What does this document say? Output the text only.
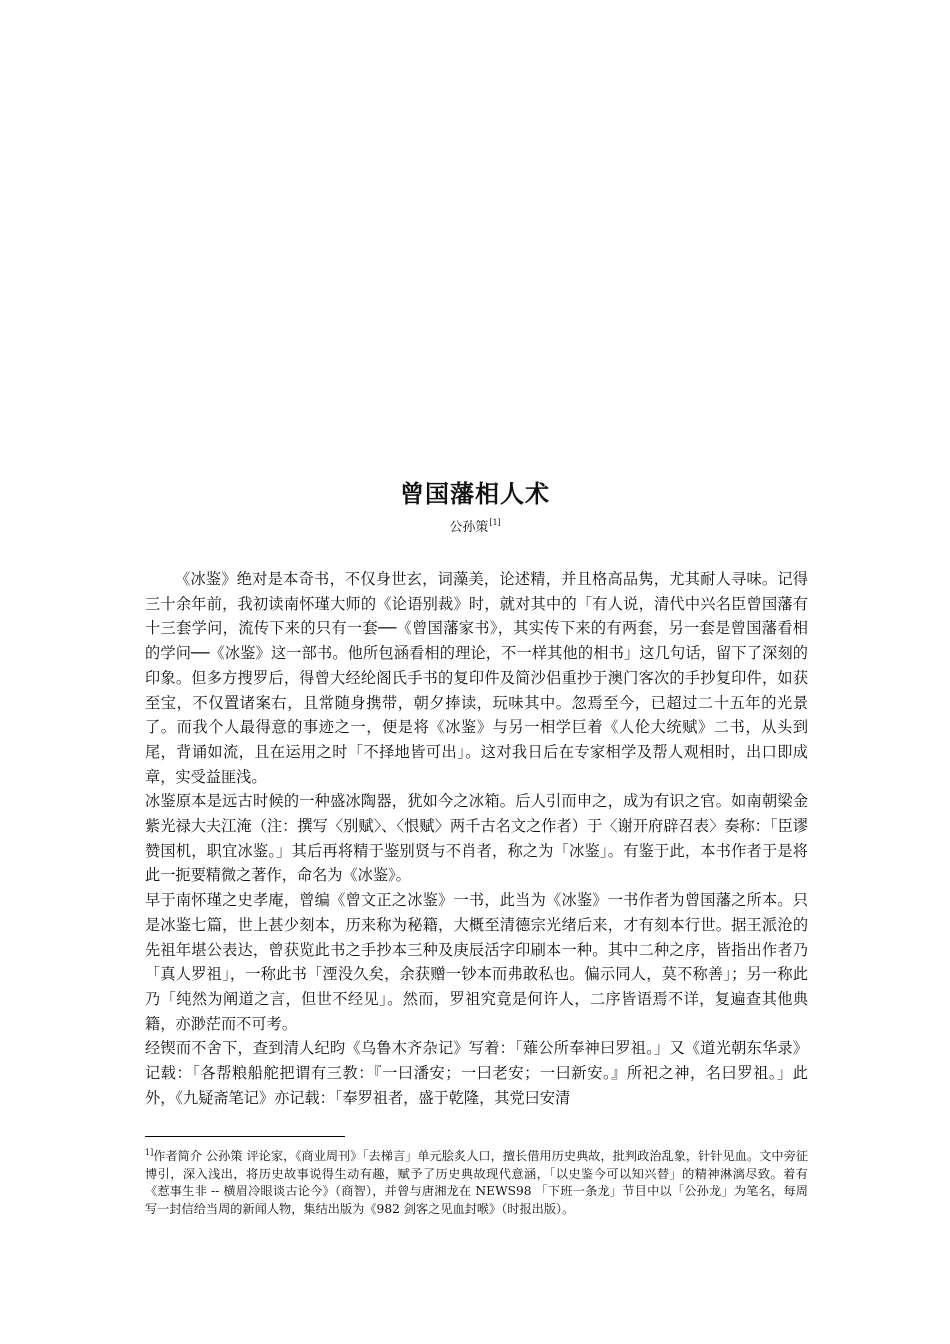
曾国藩相人术
公孙策[1]

《冰鉴》绝对是本奇书，不仅身世玄，词藻美，论述精，并且格高品隽，尤其耐人寻味。记得三十余年前，我初读南怀瑾大师的《论语别裁》时，就对其中的「有人说，清代中兴名臣曾国藩有十三套学问，流传下来的只有一套──《曾国藩家书》，其实传下来的有两套，另一套是曾国藩看相的学问──《冰鉴》这一部书。他所包涵看相的理论，不一样其他的相书」这几句话，留下了深刻的印象。但多方搜罗后，得曾大经纶阁氏手书的复印件及简沙侣重抄于澳门客次的手抄复印件，如获至宝，不仅置诸案右，且常随身携带，朝夕捧读，玩味其中。忽焉至今，已超过二十五年的光景了。而我个人最得意的事迹之一，便是将《冰鉴》与另一相学巨着《人伦大统赋》二书，从头到尾，背诵如流，且在运用之时「不择地皆可出」。这对我日后在专家相学及帮人观相时，出口即成章，实受益匪浅。

冰鉴原本是远古时候的一种盛冰陶器，犹如今之冰箱。后人引而申之，成为有识之官。如南朝梁金紫光禄大夫江淹（注：撰写〈别赋〉、〈恨赋〉两千古名文之作者）于〈谢开府辟召表〉奏称：「臣谬赞国机，职宜冰鉴。」其后再将精于鉴别贤与不肖者，称之为「冰鉴」。有鉴于此，本书作者于是将此一扼要精微之著作，命名为《冰鉴》。

早于南怀瑾之史孝庵，曾编《曾文正之冰鉴》一书，此当为《冰鉴》一书作者为曾国藩之所本。只是冰鉴七篇，世上甚少刻本，历来称为秘籍，大概至清德宗光绪后来，才有刻本行世。据王派沧的先祖年堪公表达，曾获览此书之手抄本三种及庚辰活字印刷本一种。其中二种之序，皆指出作者乃「真人罗祖」，一称此书「湮没久矣，余获赠一钞本而弗敢私也。偏示同人，莫不称善」；另一称此乃「纯然为阐道之言，但世不经见」。然而，罗祖究竟是何许人，二序皆语焉不详，复遍查其他典籍，亦渺茫而不可考。

经锲而不舍下，查到清人纪昀《乌鲁木齐杂记》写着：「薙公所奉神曰罗祖。」又《道光朝东华录》记载：「各帮粮船舵把谓有三教：『一曰潘安；一曰老安；一曰新安。』所祀之神，名曰罗祖。」此外，《九疑斋笔记》亦记载：「奉罗祖者，盛于乾隆，其党曰安清

$^{1]}$作者简介 公孙策 评论家，《商业周刊》「去梯言」单元脍炙人口，擅长借用历史典故，批判政治乱象，针针见血。文中旁征博引，深入浅出，将历史故事说得生动有趣，赋予了历史典故现代意涵，「以史鉴今可以知兴替」的精神淋漓尽致。着有《惹事生非 -- 横眉冷眼谈古论今》（商智），并曾与唐湘龙在 NEWS98 「下班一条龙」节目中以「公孙龙」为笔名，每周写一封信给当周的新闻人物，集结出版为《982 剑客之见血封喉》（时报出版）。
